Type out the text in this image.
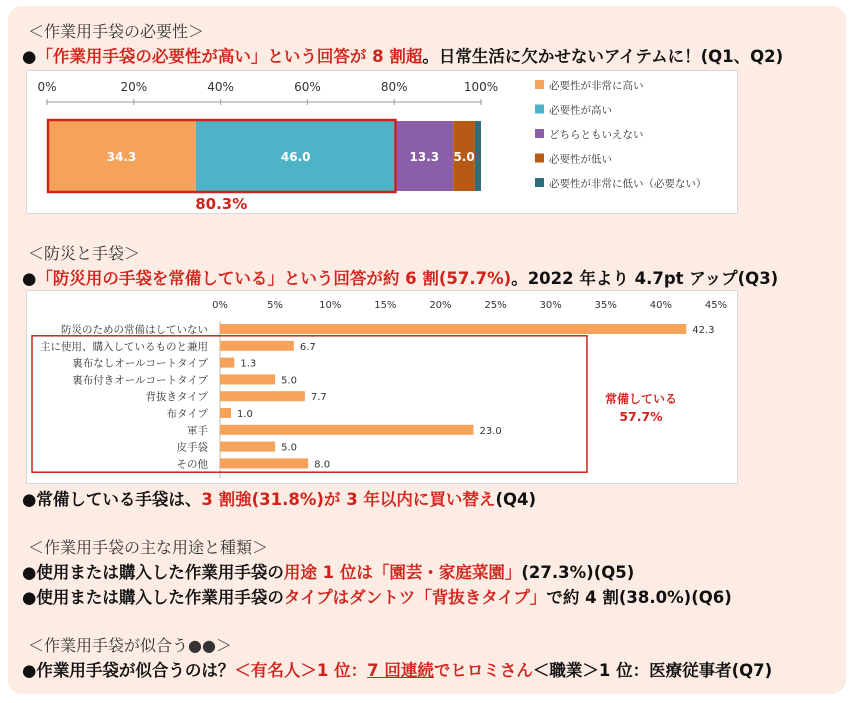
＜作業用手袋の必要性＞
●「作業用手袋の必要性が高い」という回答が 8 割超。日常生活に欠かせないアイテムに！(Q1、Q2)
0%	20%	40%	60%	80%	100%
34.3	46.0	13.3 5.0
80.3%
必要性が非常に高い
必要性が高い
どちらともいえない
必要性が低い
必要性が非常に低い（必要ない）
＜防災と手袋＞
●「防災用の手袋を常備している」という回答が約 6 割(57.7%)。2022 年より 4.7pt アップ(Q3)
0%	5%	10%	15%	20%	25%	30%	35%	40%	45%
防災のための常備はしていない	42.3
主に使用、購入しているものと兼用	6.7
裏布なしオールコートタイプ	1.3
裏布付きオールコートタイプ	5.0
背抜きタイプ	7.7
布タイプ	1.0
軍手	23.0
皮手袋	5.0
その他	8.0
常備している
57.7%
●常備している手袋は、3 割強(31.8%)が 3 年以内に買い替え(Q4)
＜作業用手袋の主な用途と種類＞
●使用または購入した作業用手袋の用途 1 位は「園芸・家庭菜園」(27.3%)(Q5)
●使用または購入した作業用手袋のタイプはダントツ「背抜きタイプ」で約 4 割(38.0%)(Q6)
＜作業用手袋が似合う●●＞
●作業用手袋が似合うのは？＜有名人＞1 位：7 回連続でヒロミさん＜職業＞1 位：医療従事者(Q7)
